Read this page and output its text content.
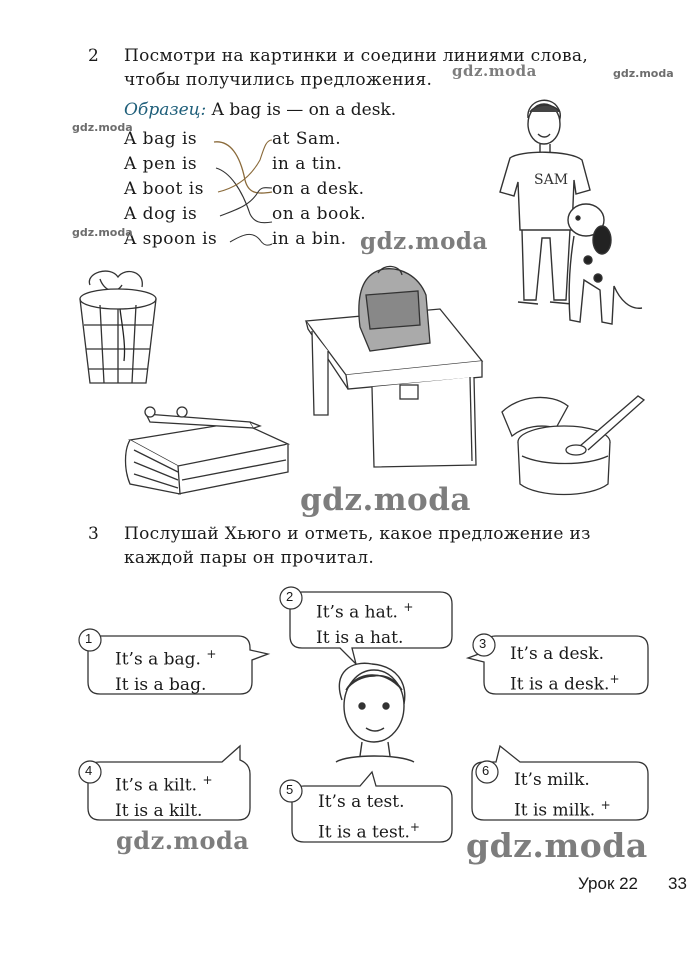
2 Посмотри на картинки и соедини линиями слова,
чтобы получились предложения.
Образец: A bag is — on a desk.
A bag is
A pen is
A boot is
A dog is
A spoon is
at Sam.
in a tin.
on a desk.
on a book.
in a bin.
gdz.moda
gdz.moda
gdz.moda
gdz.moda
gdz.moda
SAM
gdz.moda
3 Послушай Хьюго и отметь, какое предложение из
каждой пары он прочитал.
1
2
3
4
5
6
It’s a bag. +
It is a bag.
It’s a hat. +
It is a hat.
It’s a desk.
It is a desk.+
It’s a kilt. +
It is a kilt.	It’s a test.
It is a test.+
It’s milk.
It is milk. +
gdz.moda	gdz.moda
Урок 22 33
